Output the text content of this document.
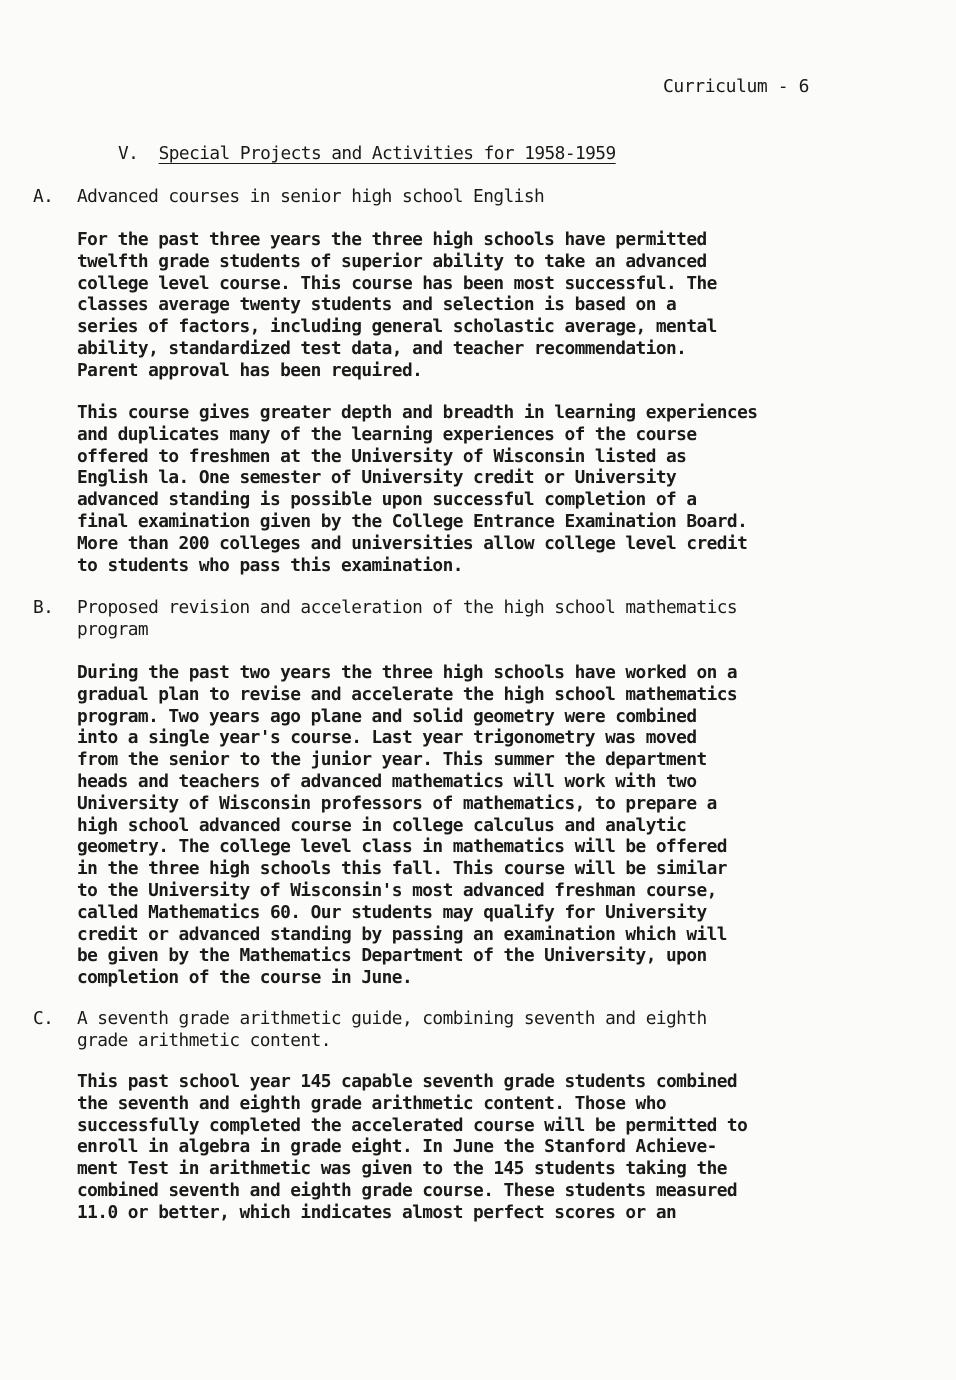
Curriculum - 6
V. Special Projects and Activities for 1958-1959
A. Advanced courses in senior high school English

For the past three years the three high schools have permitted
twelfth grade students of superior ability to take an advanced
college level course. This course has been most successful. The
classes average twenty students and selection is based on a
series of factors, including general scholastic average, mental
ability, standardized test data, and teacher recommendation.
Parent approval has been required.

This course gives greater depth and breadth in learning experiences
and duplicates many of the learning experiences of the course
offered to freshmen at the University of Wisconsin listed as
English la. One semester of University credit or University
advanced standing is possible upon successful completion of a
final examination given by the College Entrance Examination Board.
More than 200 colleges and universities allow college level credit
to students who pass this examination.

B. Proposed revision and acceleration of the high school mathematics
program

During the past two years the three high schools have worked on a
gradual plan to revise and accelerate the high school mathematics
program. Two years ago plane and solid geometry were combined
into a single year's course. Last year trigonometry was moved
from the senior to the junior year. This summer the department
heads and teachers of advanced mathematics will work with two
University of Wisconsin professors of mathematics, to prepare a
high school advanced course in college calculus and analytic
geometry. The college level class in mathematics will be offered
in the three high schools this fall. This course will be similar
to the University of Wisconsin's most advanced freshman course,
called Mathematics 60. Our students may qualify for University
credit or advanced standing by passing an examination which will
be given by the Mathematics Department of the University, upon
completion of the course in June.

C. A seventh grade arithmetic guide, combining seventh and eighth
grade arithmetic content.

This past school year 145 capable seventh grade students combined
the seventh and eighth grade arithmetic content. Those who
successfully completed the accelerated course will be permitted to
enroll in algebra in grade eight. In June the Stanford Achieve-
ment Test in arithmetic was given to the 145 students taking the
combined seventh and eighth grade course. These students measured
11.0 or better, which indicates almost perfect scores or an
